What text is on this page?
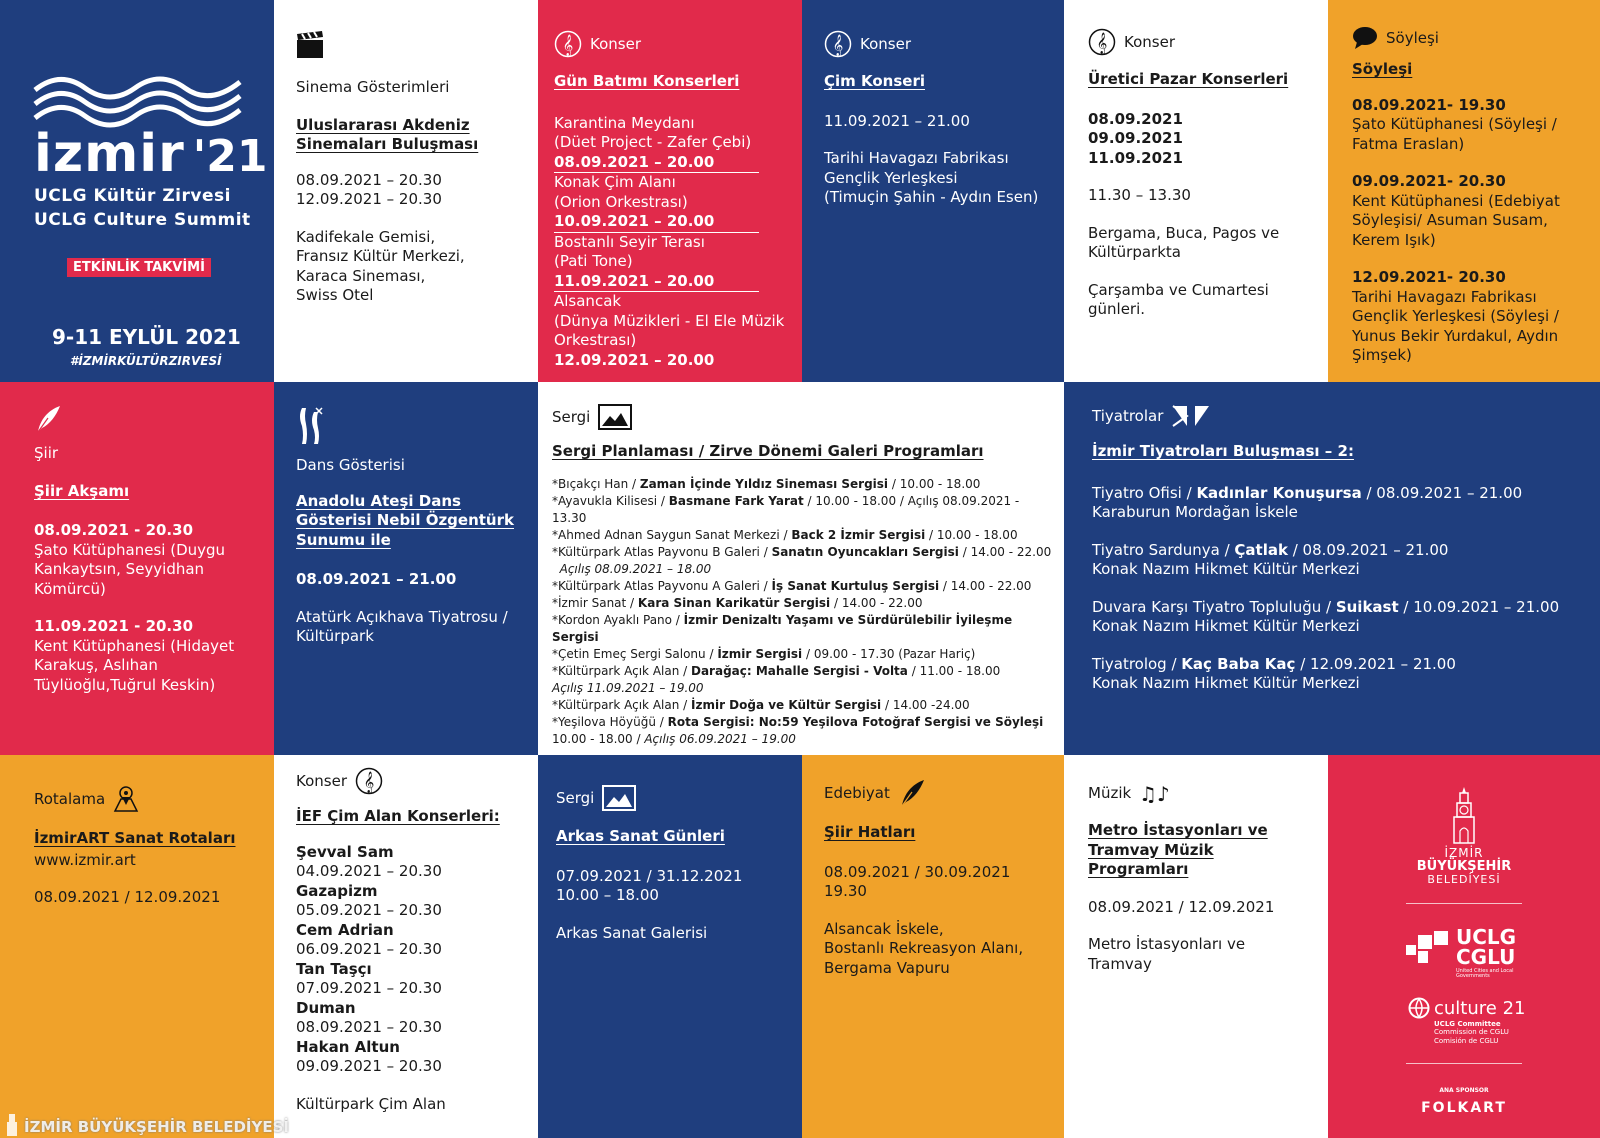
izmir '21
UCLG Kültür Zirvesi
UCLG Culture Summit
ETKİNLİK TAKVİMİ
9-11 EYLÜL 2021
#İZMİRKÜLTÜRZIRVESİ
Sinema Gösterimleri
Uluslararası Akdeniz Sinemaları Buluşması

08.09.2021 – 20.30

12.09.2021 – 20.30

Kadifekale Gemisi,

Fransız Kültür Merkezi,

Karaca Sineması,

Swiss Otel

𝄞 Konser
Gün Batımı Konserleri

Karantina Meydanı

(Düet Project - Zafer Çebi)

08.09.2021 – 20.00

Konak Çim Alanı

(Orion Orkestrası)

10.09.2021 – 20.00

Bostanlı Seyir Terası

(Pati Tone)

11.09.2021 – 20.00

Alsancak

(Dünya Müzikleri - El Ele Müzik Orkestrası)

12.09.2021 – 20.00

𝄞 Konser
Çim Konseri

11.09.2021 – 21.00

Tarihi Havagazı Fabrikası

Gençlik Yerleşkesi

(Timuçin Şahin - Aydın Esen)

𝄞 Konser
Üretici Pazar Konserleri

08.09.2021

09.09.2021

11.09.2021

11.30 – 13.30

Bergama, Buca, Pagos ve Kültürparkta

Çarşamba ve Cumartesi günleri.

Söyleşi
Söyleşi

08.09.2021- 19.30

Şato Kütüphanesi (Söyleşi / Fatma Eraslan)

09.09.2021- 20.30

Kent Kütüphanesi (Edebiyat Söyleşisi/ Asuman Susam, Kerem Işık)

12.09.2021- 20.30

Tarihi Havagazı Fabrikası Gençlik Yerleşkesi (Söyleşi / Yunus Bekir Yurdakul, Aydın Şimşek)

Şiir
Şiir Akşamı

08.09.2021 - 20.30

Şato Kütüphanesi (Duygu Kankaytsın, Seyyidhan Kömürcü)

11.09.2021 - 20.30

Kent Kütüphanesi (Hidayet Karakuş, Aslıhan Tüylüoğlu,Tuğrul Keskin)

Dans Gösterisi
Anadolu Ateşi Dans Gösterisi Nebil Özgentürk Sunumu ile

08.09.2021 – 21.00

Atatürk Açıkhava Tiyatrosu / Kültürpark

Sergi
Sergi Planlaması / Zirve Dönemi Galeri Programları
*Bıçakçı Han / Zaman İçinde Yıldız Sineması Sergisi / 10.00 - 18.00
*Ayavukla Kilisesi / Basmane Fark Yarat / 10.00 - 18.00 / Açılış 08.09.2021 - 13.30
*Ahmed Adnan Saygun Sanat Merkezi / Back 2 İzmir Sergisi / 10.00 - 18.00
*Kültürpark Atlas Payvonu B Galeri / Sanatın Oyuncakları Sergisi / 14.00 - 22.00
Açılış 08.09.2021 – 18.00
*Kültürpark Atlas Payvonu A Galeri / İş Sanat Kurtuluş Sergisi / 14.00 - 22.00
*İzmir Sanat / Kara Sinan Karikatür Sergisi / 14.00 - 22.00
*Kordon Ayaklı Pano / İzmir Denizaltı Yaşamı ve Sürdürülebilir İyileşme Sergisi
*Çetin Emeç Sergi Salonu / İzmir Sergisi / 09.00 - 17.30 (Pazar Hariç)
*Kültürpark Açık Alan / Darağaç: Mahalle Sergisi - Volta / 11.00 - 18.00
Açılış 11.09.2021 – 19.00
*Kültürpark Açık Alan / İzmir Doğa ve Kültür Sergisi / 14.00 -24.00
*Yeşilova Höyüğü / Rota Sergisi: No:59 Yeşilova Fotoğraf Sergisi ve Söyleşi
10.00 - 18.00 / Açılış 06.09.2021 – 19.00
Tiyatrolar
İzmir Tiyatroları Buluşması – 2:

Tiyatro Ofisi / Kadınlar Konuşursa / 08.09.2021 – 21.00

Karaburun Mordağan İskele

Tiyatro Sardunya / Çatlak / 08.09.2021 – 21.00

Konak Nazım Hikmet Kültür Merkezi

Duvara Karşı Tiyatro Topluluğu / Suikast / 10.09.2021 – 21.00

Konak Nazım Hikmet Kültür Merkezi

Tiyatrolog / Kaç Baba Kaç / 12.09.2021 – 21.00

Konak Nazım Hikmet Kültür Merkezi

Rotalama
İzmirART Sanat Rotaları

www.izmir.art

08.09.2021 / 12.09.2021

Konser 𝄞
İEF Çim Alan Konserleri:

Şevval Sam

04.09.2021 – 20.30

Gazapizm

05.09.2021 – 20.30

Cem Adrian

06.09.2021 – 20.30

Tan Taşçı

07.09.2021 – 20.30

Duman

08.09.2021 – 20.30

Hakan Altun

09.09.2021 – 20.30

Kültürpark Çim Alan

Sergi
Arkas Sanat Günleri

07.09.2021 / 31.12.2021

10.00 – 18.00

Arkas Sanat Galerisi

Edebiyat
Şiir Hatları

08.09.2021 / 30.09.2021

19.30

Alsancak İskele,

Bostanlı Rekreasyon Alanı,

Bergama Vapuru

Müzik ♫♪
Metro İstasyonları ve Tramvay Müzik Programları

08.09.2021 / 12.09.2021

Metro İstasyonları ve Tramvay

İZMİR
BÜYÜKŞEHİR
BELEDİYESİ
UCLG
CGLU
United Cities and Local Governments
culture 21
UCLG Committee
Commission de CGLU
Comisión de CGLU
ANA SPONSOR
FOLKART
İZMİR BÜYÜKŞEHİR BELEDİYESİ
